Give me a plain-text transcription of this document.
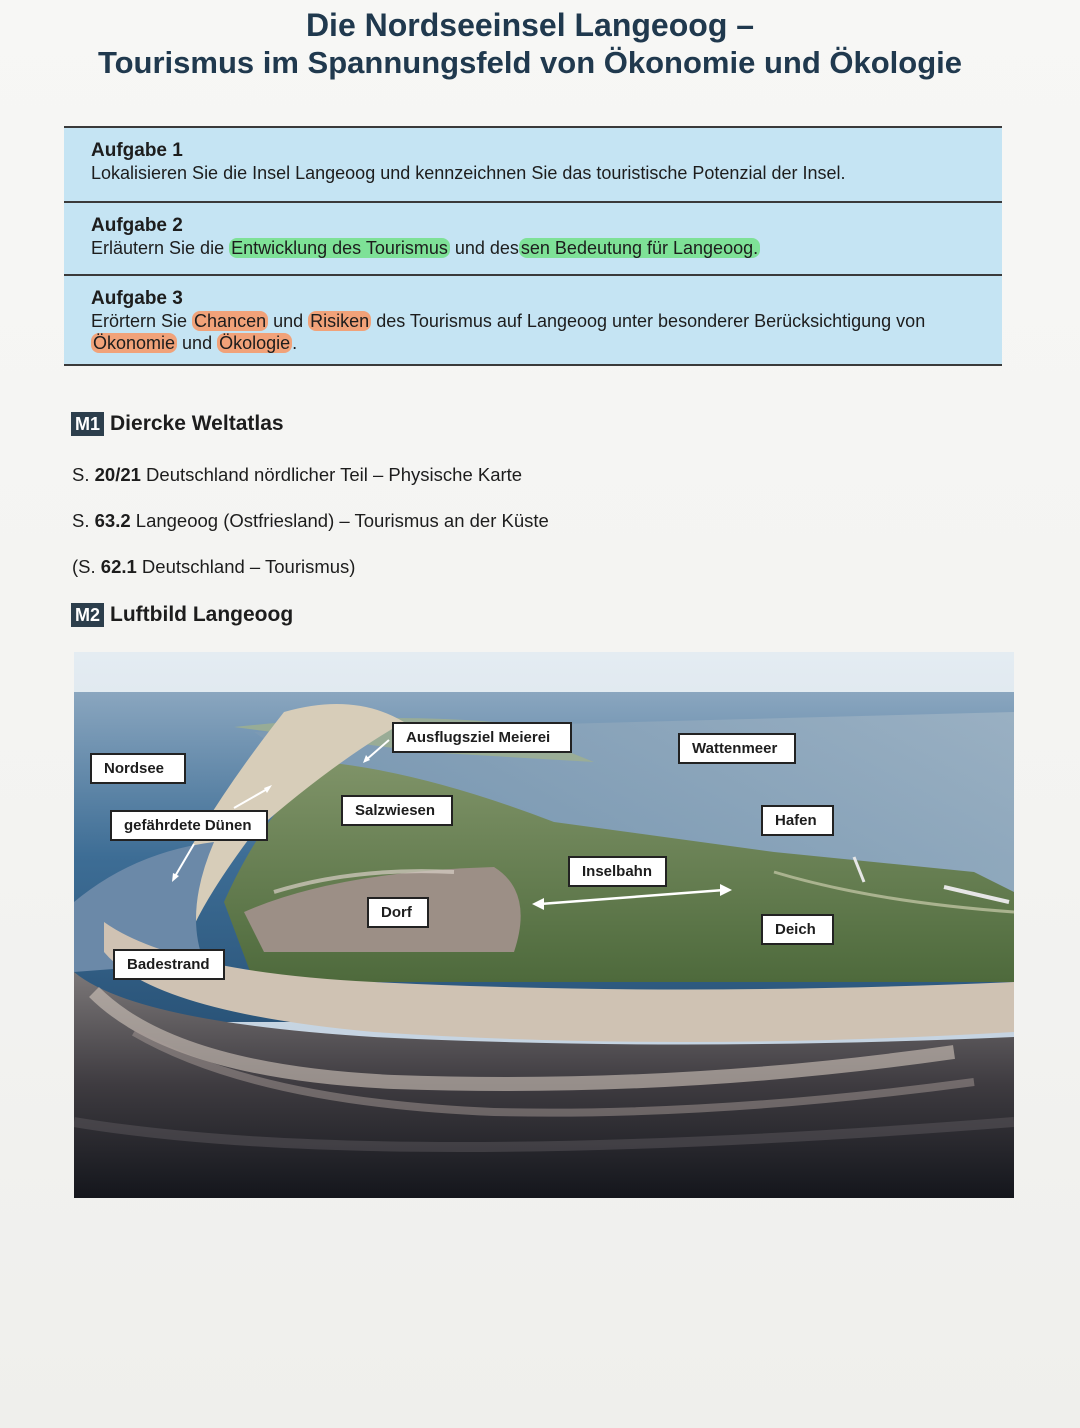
Die Nordseeinsel Langeoog –
Tourismus im Spannungsfeld von Ökonomie und Ökologie
Aufgabe 1
Lokalisieren Sie die Insel Langeoog und kennzeichnen Sie das touristische Potenzial der Insel.
Aufgabe 2
Erläutern Sie die Entwicklung des Tourismus und des sen Bedeutung für Langeoog.
Aufgabe 3
Erörtern Sie Chancen und Risiken des Tourismus auf Langeoog unter besonderer Berücksichtigung von
Ökonomie und Ökologie .
M1 Diercke Weltatlas
S. 20/21 Deutschland nördlicher Teil – Physische Karte
S. 63.2 Langeoog (Ostfriesland) – Tourismus an der Küste
(S. 62.1 Deutschland – Tourismus)
M2 Luftbild Langeoog
Nordsee
Ausflugsziel Meierei
Wattenmeer
Salzwiesen
Hafen
gefährdete Dünen
Inselbahn
Dorf
Deich
Badestrand
